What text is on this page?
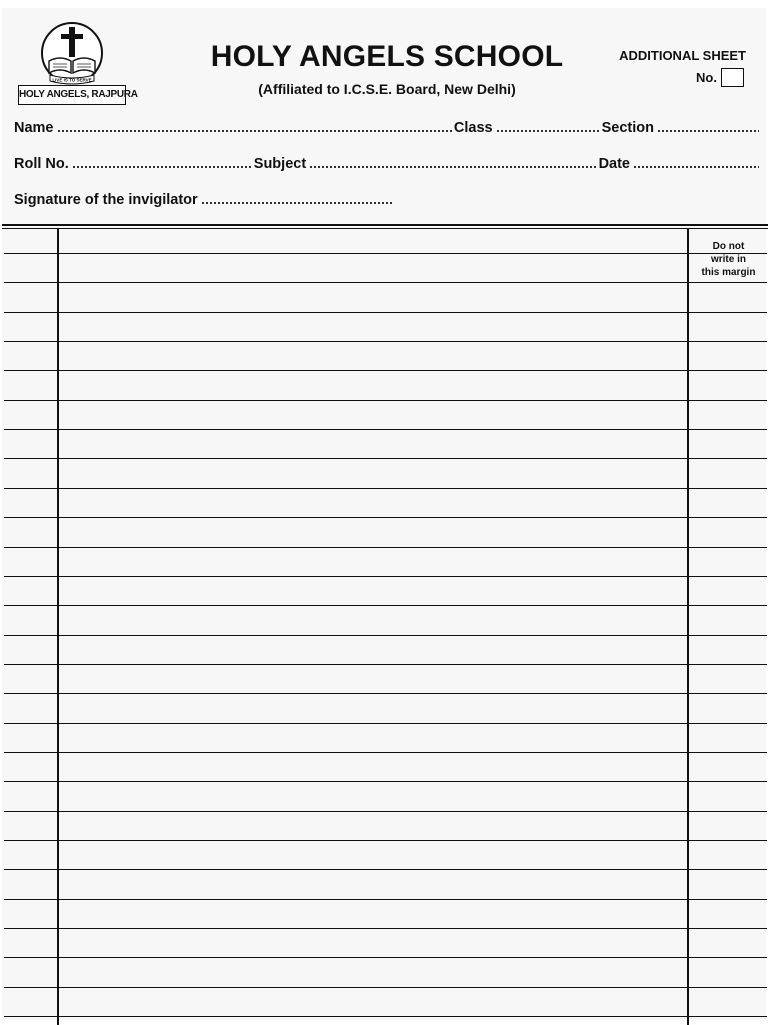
LIVE IS TO SERVE
HOLY ANGELS, RAJPURA
HOLY ANGELS SCHOOL
(Affiliated to I.C.S.E. Board, New Delhi)
ADDITIONAL SHEET
No.
Name	Class	Section
Roll No.	Subject	Date
Signature of the invigilator
Do not
write in
this margin
